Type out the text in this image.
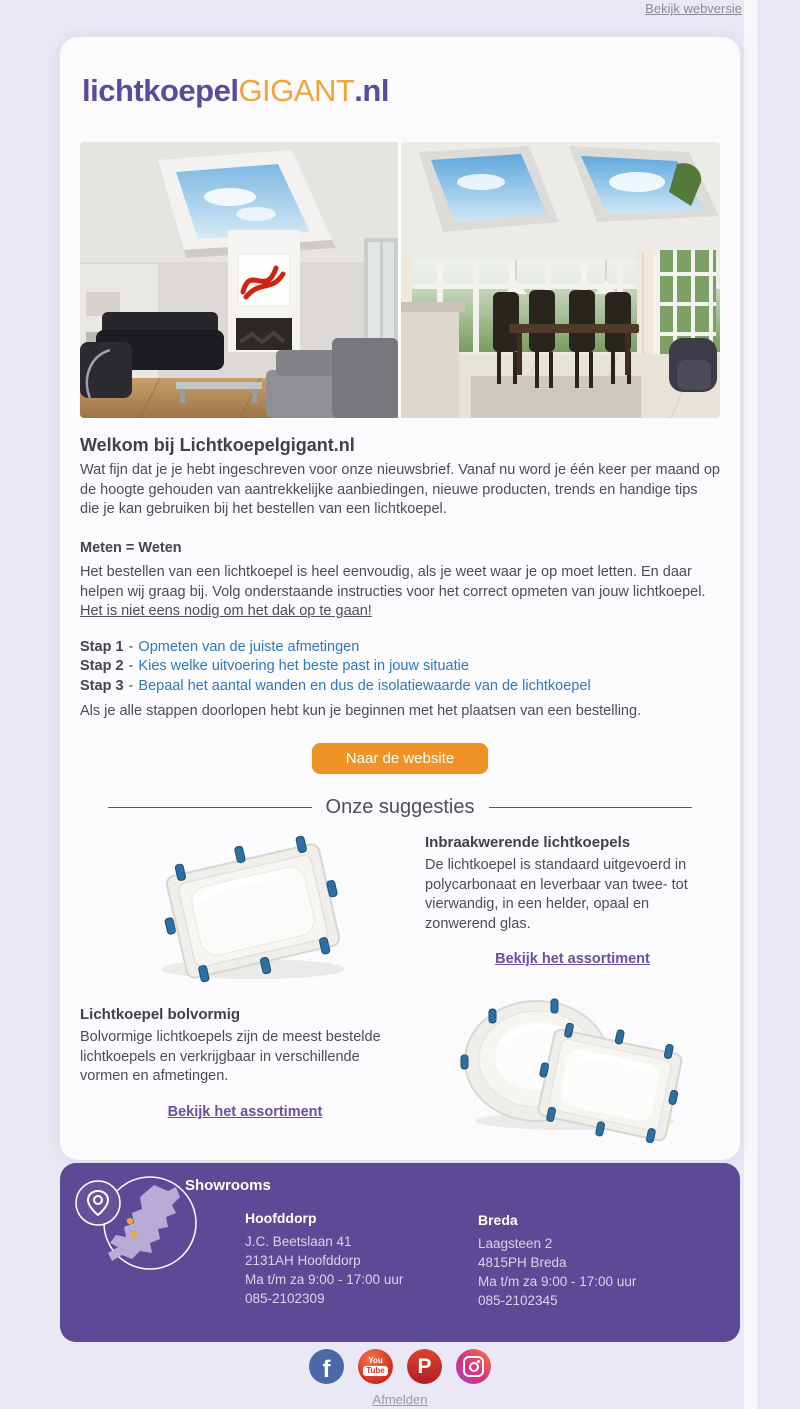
Bekijk webversie
lichtkoepelGIGANT.nl
Welkom bij Lichtkoepelgigant.nl

Wat fijn dat je je hebt ingeschreven voor onze nieuwsbrief. Vanaf nu word je één keer per maand op de hoogte gehouden van aantrekkelijke aanbiedingen, nieuwe producten, trends en handige tips die je kan gebruiken bij het bestellen van een lichtkoepel.

Meten = Weten

Het bestellen van een lichtkoepel is heel eenvoudig, als je weet waar je op moet letten. En daar helpen wij graag bij. Volg onderstaande instructies voor het correct opmeten van jouw lichtkoepel. Het is niet eens nodig om het dak op te gaan!

Stap 1 - Opmeten van de juiste afmetingen
Stap 2 - Kies welke uitvoering het beste past in jouw situatie
Stap 3 - Bepaal het aantal wanden en dus de isolatiewaarde van de lichtkoepel

Als je alle stappen doorlopen hebt kun je beginnen met het plaatsen van een bestelling.

Naar de website
Onze suggesties

Inbraakwerende lichtkoepels

De lichtkoepel is standaard uitgevoerd in polycarbonaat en leverbaar van twee- tot vierwandig, in een helder, opaal en zonwerend glas.

Bekijk het assortiment

Lichtkoepel bolvormig

Bolvormige lichtkoepels zijn de meest bestelde lichtkoepels en verkrijgbaar in verschillende vormen en afmetingen.

Bekijk het assortiment
Showrooms
Hoofddorp
J.C. Beetslaan 41
2131AH Hoofddorp
Ma t/m za 9:00 - 17:00 uur
085-2102309
Breda
Laagsteen 2
4815PH Breda
Ma t/m za 9:00 - 17:00 uur
085-2102345
f	You
Tube P
Afmelden
